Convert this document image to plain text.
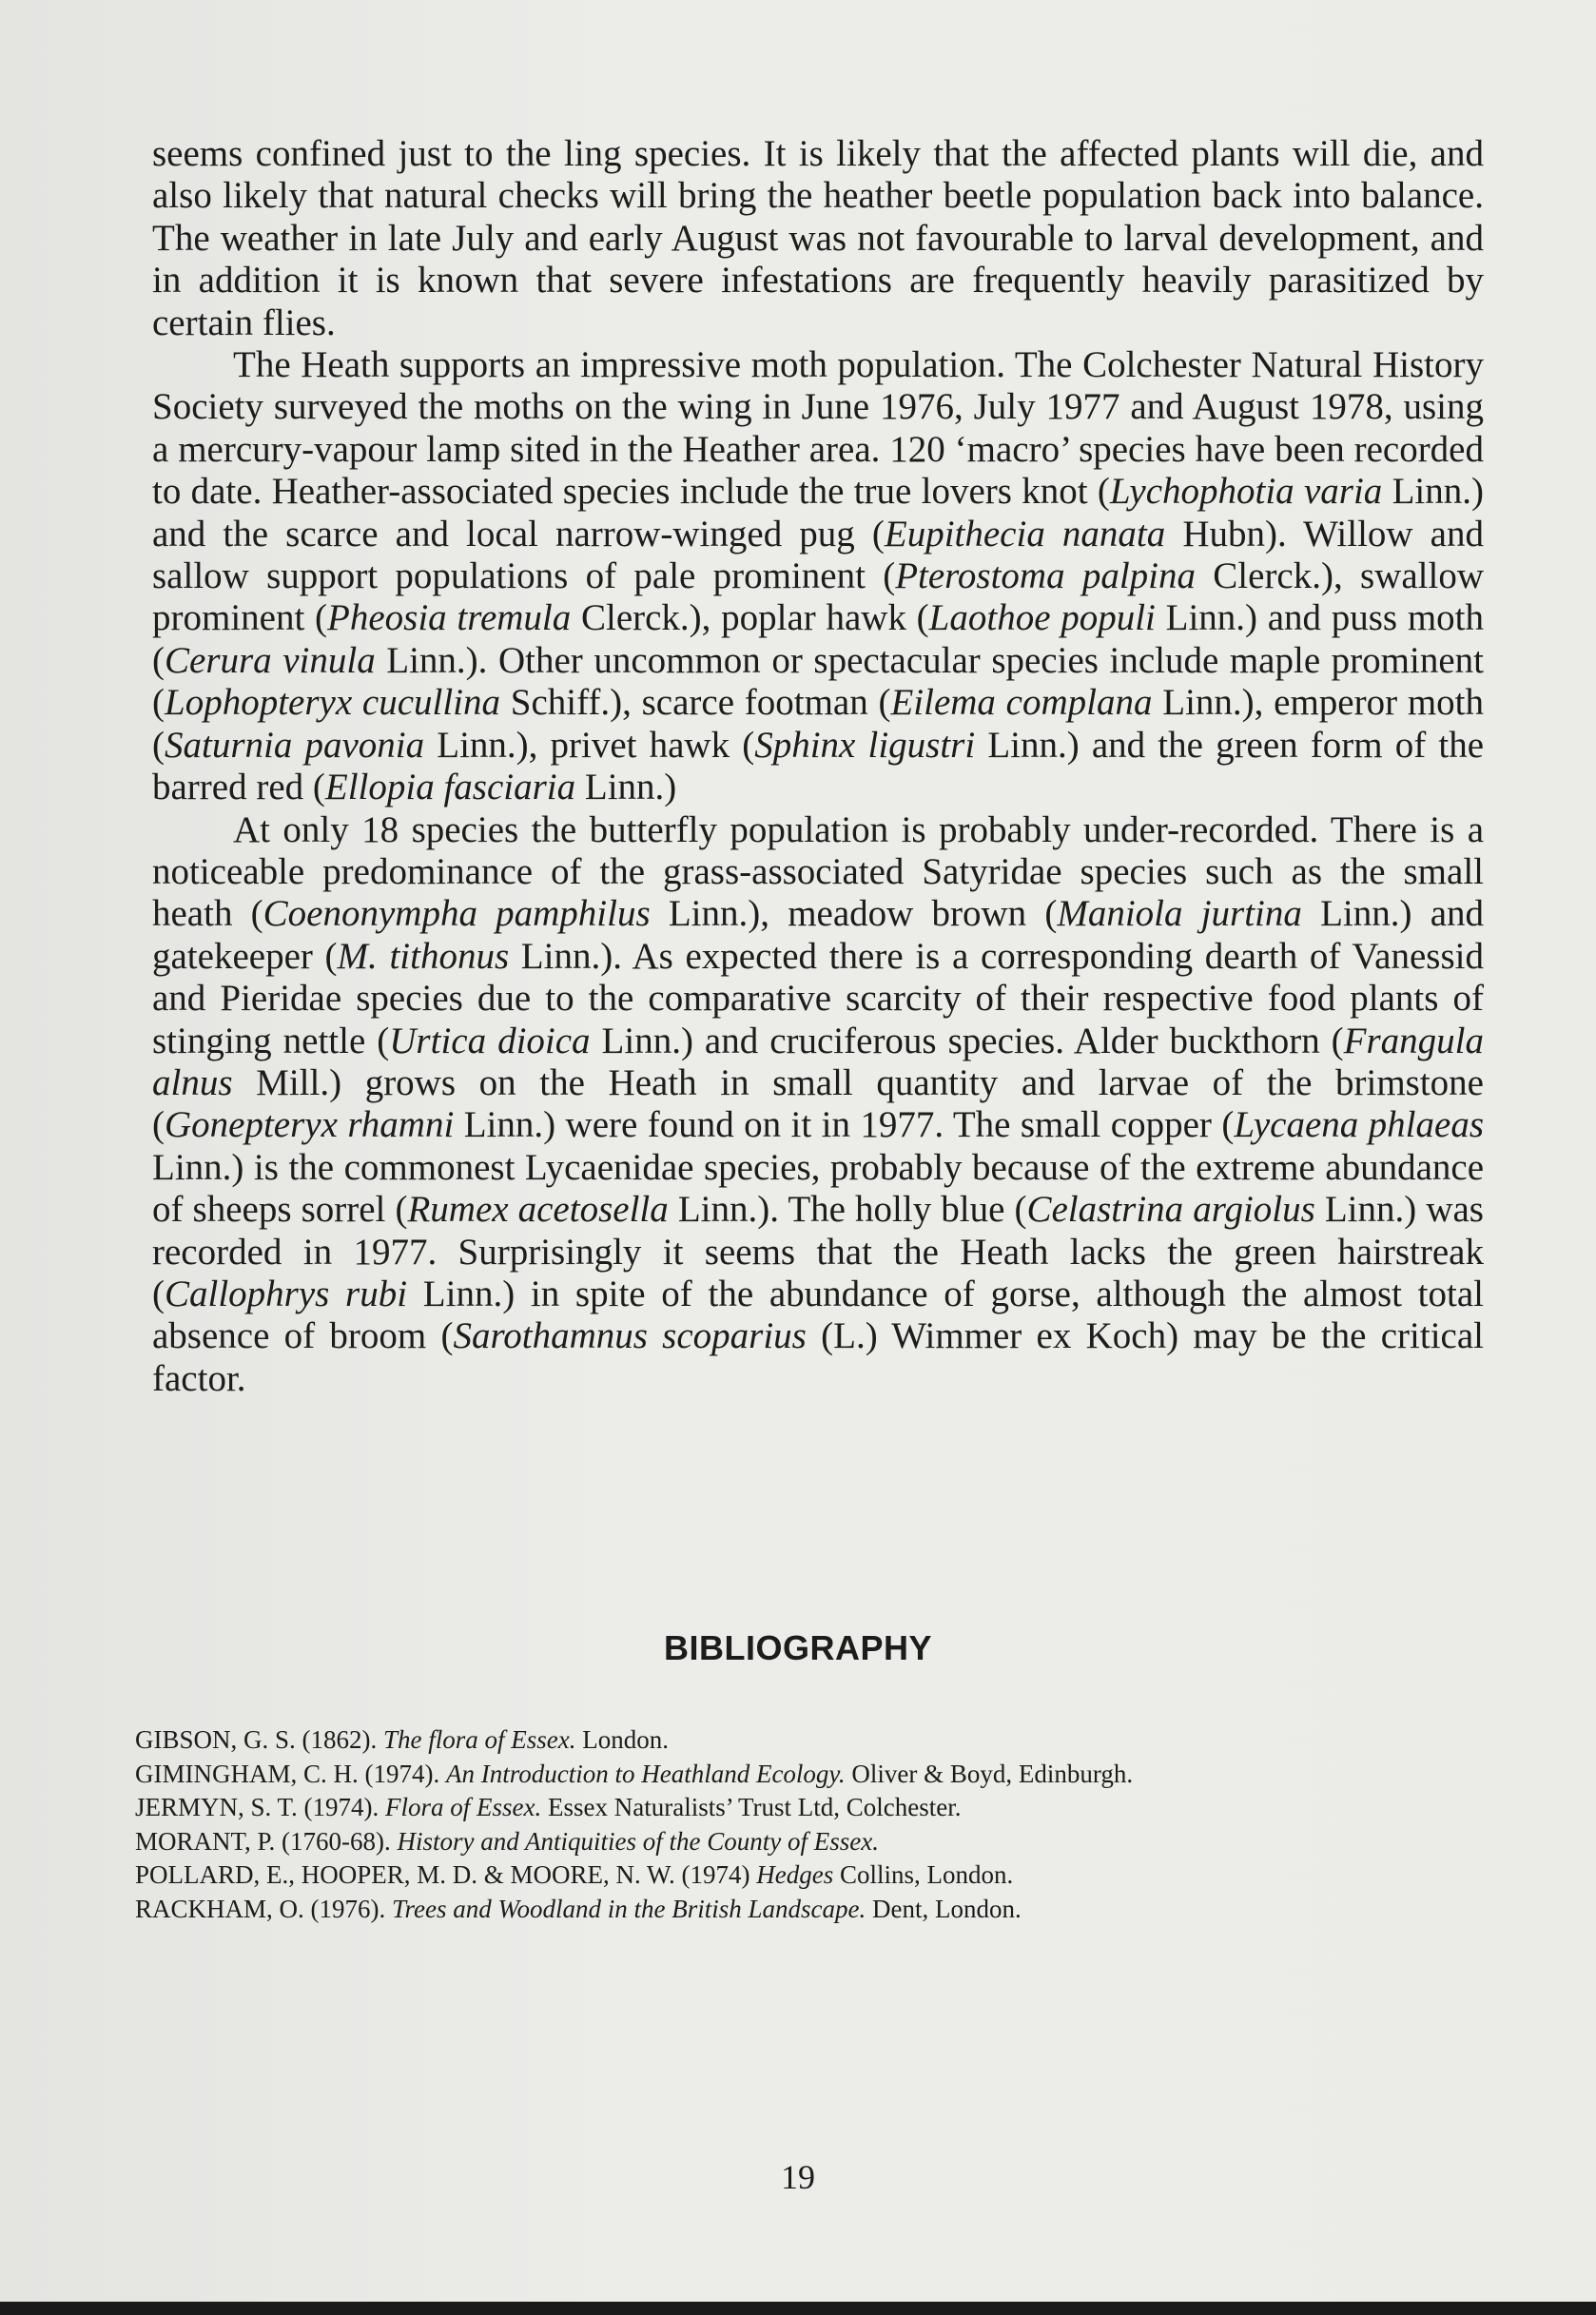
seems confined just to the ling species. It is likely that the affected plants will die, and also likely that natural checks will bring the heather beetle population back into balance. The weather in late July and early August was not favourable to larval development, and in addition it is known that severe infestations are frequently heavily parasitized by certain flies.

The Heath supports an impressive moth population. The Colchester Natural History Society surveyed the moths on the wing in June 1976, July 1977 and August 1978, using a mercury-vapour lamp sited in the Heather area. 120 ‘macro’ species have been recorded to date. Heather-associated species include the true lovers knot (Lychophotia varia Linn.) and the scarce and local narrow-winged pug (Eupithecia nanata Hubn). Willow and sallow support populations of pale prominent (Pterostoma palpina Clerck.), swallow prominent (Pheosia tremula Clerck.), poplar hawk (Laothoe populi Linn.) and puss moth (Cerura vinula Linn.). Other uncommon or spectacular species include maple prominent (Lophopteryx cucullina Schiff.), scarce footman (Eilema complana Linn.), emperor moth (Saturnia pavonia Linn.), privet hawk (Sphinx ligustri Linn.) and the green form of the barred red (Ellopia fasciaria Linn.)

At only 18 species the butterfly population is probably under-recorded. There is a noticeable predominance of the grass-associated Satyridae species such as the small heath (Coenonympha pamphilus Linn.), meadow brown (Maniola jurtina Linn.) and gatekeeper (M. tithonus Linn.). As expected there is a corresponding dearth of Vanessid and Pieridae species due to the comparative scarcity of their respective food plants of stinging nettle (Urtica dioica Linn.) and cruciferous species. Alder buckthorn (Frangula alnus Mill.) grows on the Heath in small quantity and larvae of the brimstone (Gonepteryx rhamni Linn.) were found on it in 1977. The small copper (Lycaena phlaeas Linn.) is the commonest Lycaenidae species, probably because of the extreme abundance of sheeps sorrel (Rumex acetosella Linn.). The holly blue (Celastrina argiolus Linn.) was recorded in 1977. Surprisingly it seems that the Heath lacks the green hairstreak (Callophrys rubi Linn.) in spite of the abundance of gorse, although the almost total absence of broom (Sarothamnus scoparius (L.) Wimmer ex Koch) may be the critical factor.

BIBLIOGRAPHY
GIBSON, G. S. (1862). The flora of Essex. London.
GIMINGHAM, C. H. (1974). An Introduction to Heathland Ecology. Oliver & Boyd, Edinburgh.
JERMYN, S. T. (1974). Flora of Essex. Essex Naturalists’ Trust Ltd, Colchester.
MORANT, P. (1760-68). History and Antiquities of the County of Essex.
POLLARD, E., HOOPER, M. D. & MOORE, N. W. (1974) Hedges Collins, London.
RACKHAM, O. (1976). Trees and Woodland in the British Landscape. Dent, London.
19
